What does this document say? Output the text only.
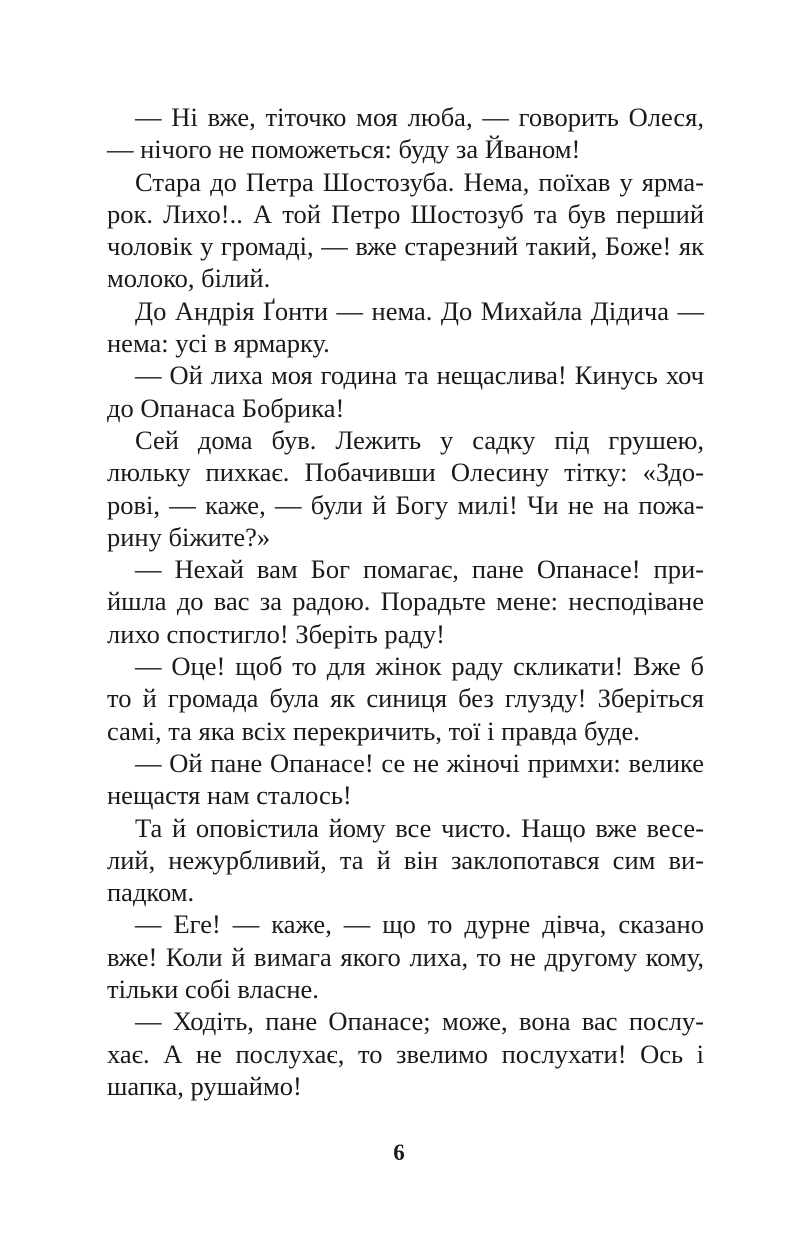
— Ні вже, тіточко моя люба, — говорить Олеся, — нічого не поможеться: буду за Йваном!

Стара до Петра Шостозуба. Нема, поїхав у ярмарок. Лихо!.. А той Петро Шостозуб та був перший чоловік у громаді, — вже старезний такий, Боже! як молоко, білий.

До Андрія Ґонти — нема. До Михайла Дідича — нема: усі в ярмарку.

— Ой лиха моя година та нещаслива! Кинусь хоч до Опанаса Бобрика!

Сей дома був. Лежить у садку під грушею, люльку пихкає. Побачивши Олесину тітку: «Здорові, — каже, — були й Богу милі! Чи не на пожарину біжите?»

— Нехай вам Бог помагає, пане Опанасе! прийшла до вас за радою. Порадьте мене: несподіване лихо спостигло! Зберіть раду!

— Оце! щоб то для жінок раду скликати! Вже б то й громада була як синиця без глузду! Зберіться самі, та яка всіх перекричить, тої і правда буде.

— Ой пане Опанасе! се не жіночі примхи: велике нещастя нам сталось!

Та й оповістила йому все чисто. Нащо вже веселий, нежурбливий, та й він заклопотався сим випадком.

— Еге! — каже, — що то дурне дівча, сказано вже! Коли й вимага якого лиха, то не другому кому, тільки собі власне.

— Ходіть, пане Опанасе; може, вона вас послухає. А не послухає, то звелимо послухати! Ось і шапка, рушаймо!

6
